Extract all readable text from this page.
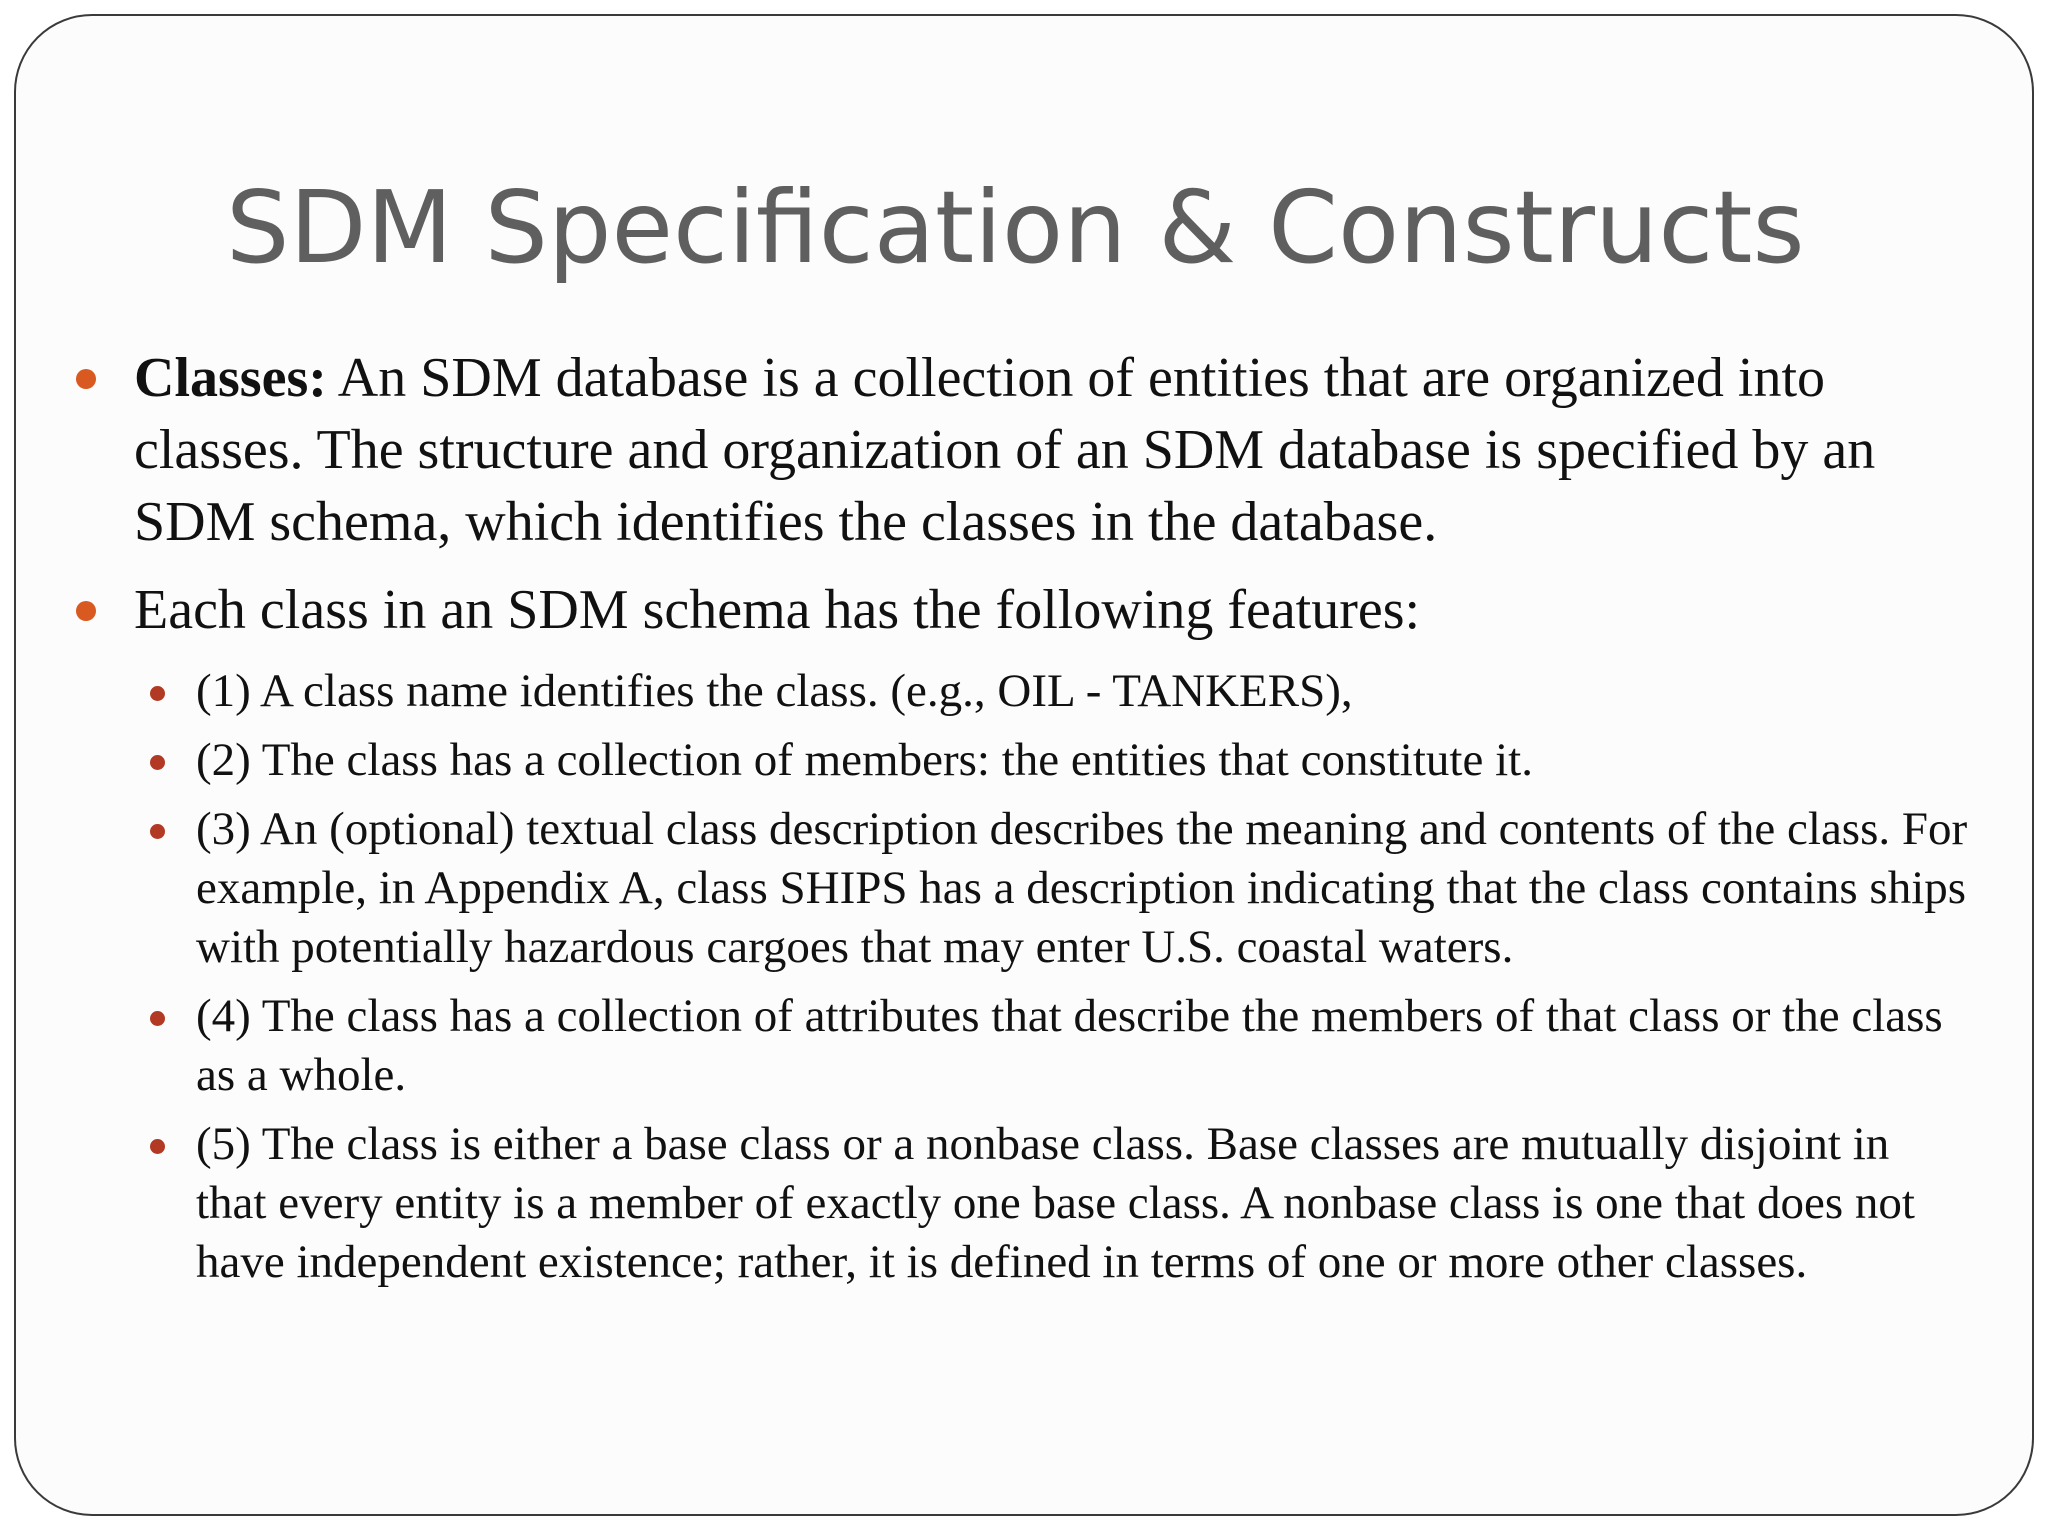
SDM Specification & Constructs
Classes: An SDM database is a collection of entities that are organized into classes. The structure and organization of an SDM database is specified by an SDM schema, which identifies the classes in the database.
Each class in an SDM schema has the following features:
(1) A class name identifies the class. (e.g., OIL - TANKERS),
(2) The class has a collection of members: the entities that constitute it.
(3) An (optional) textual class description describes the meaning and contents of the class. For example, in Appendix A, class SHIPS has a description indicating that the class contains ships with potentially hazardous cargoes that may enter U.S. coastal waters.
(4) The class has a collection of attributes that describe the members of that class or the class as a whole.
(5) The class is either a base class or a nonbase class. Base classes are mutually disjoint in that every entity is a member of exactly one base class. A nonbase class is one that does not have independent existence; rather, it is defined in terms of one or more other classes.
